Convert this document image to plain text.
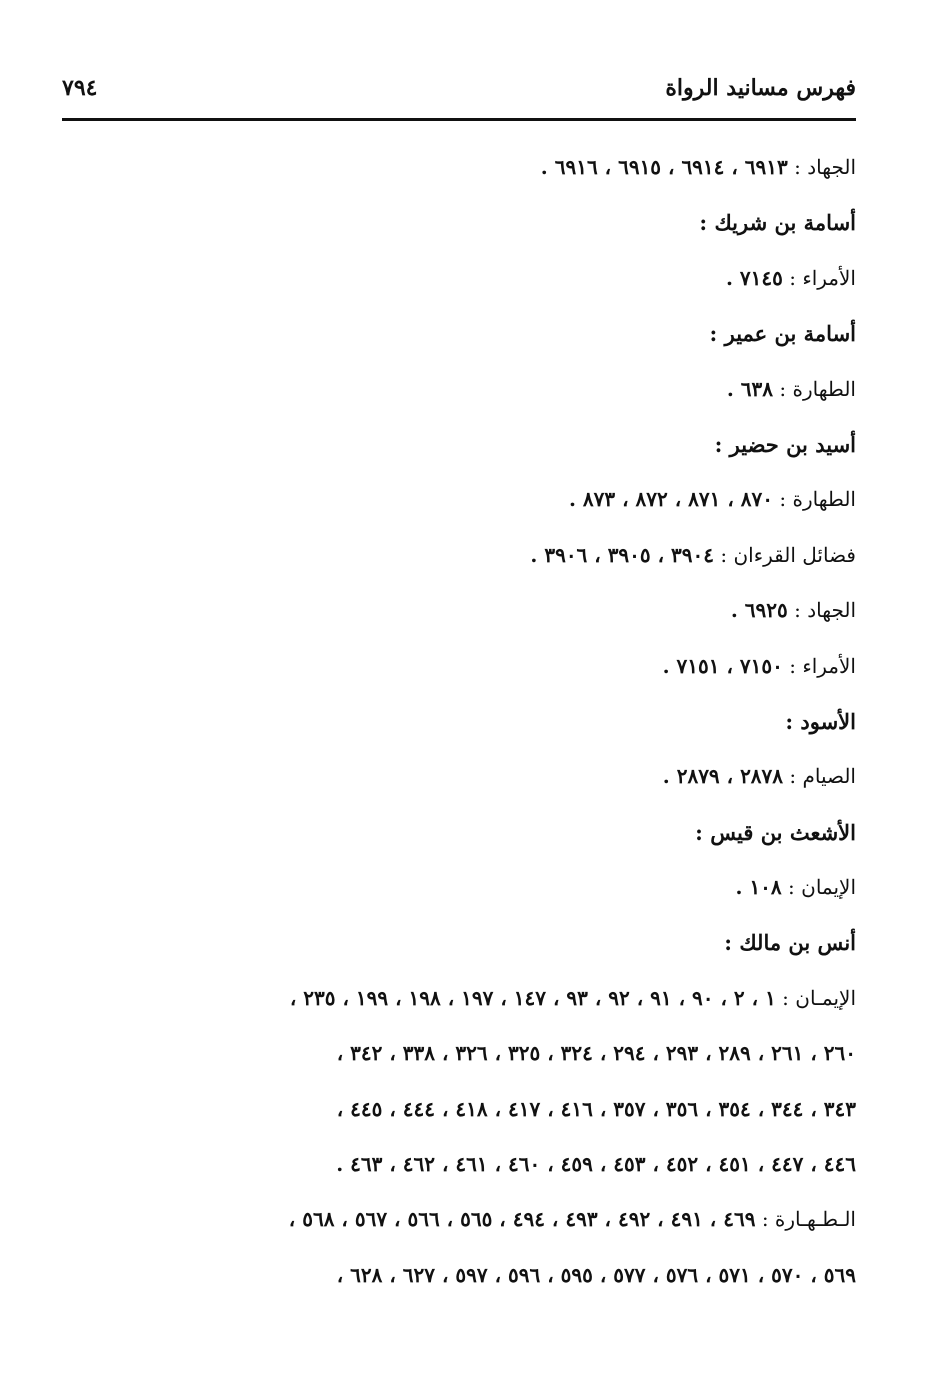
فهرس مسانيد الرواة
٧٩٤
الجهاد : ٦٩١٣ ، ٦٩١٤ ، ٦٩١٥ ، ٦٩١٦ .
أسامة بن شريك :
الأمراء : ٧١٤٥ .
أسامة بن عمير :
الطهارة : ٦٣٨ .
أسيد بن حضير :
الطهارة : ٨٧٠ ، ٨٧١ ، ٨٧٢ ، ٨٧٣ .
فضائل القرءان : ٣٩٠٤ ، ٣٩٠٥ ، ٣٩٠٦ .
الجهاد : ٦٩٢٥ .
الأمراء : ٧١٥٠ ، ٧١٥١ .
الأسود :
الصيام : ٢٨٧٨ ، ٢٨٧٩ .
الأشعث بن قيس :
الإيمان : ١٠٨ .
أنس بن مالك :
الإيمـان : ١ ، ٢ ، ٩٠ ، ٩١ ، ٩٢ ، ٩٣ ، ١٤٧ ، ١٩٧ ، ١٩٨ ، ١٩٩ ، ٢٣٥ ،
٢٦٠ ، ٢٦١ ، ٢٨٩ ، ٢٩٣ ، ٢٩٤ ، ٣٢٤ ، ٣٢٥ ، ٣٢٦ ، ٣٣٨ ، ٣٤٢ ،
٣٤٣ ، ٣٤٤ ، ٣٥٤ ، ٣٥٦ ، ٣٥٧ ، ٤١٦ ، ٤١٧ ، ٤١٨ ، ٤٤٤ ، ٤٤٥ ،
٤٤٦ ، ٤٤٧ ، ٤٥١ ، ٤٥٢ ، ٤٥٣ ، ٤٥٩ ، ٤٦٠ ، ٤٦١ ، ٤٦٢ ، ٤٦٣ .
الـطـهـارة : ٤٦٩ ، ٤٩١ ، ٤٩٢ ، ٤٩٣ ، ٤٩٤ ، ٥٦٥ ، ٥٦٦ ، ٥٦٧ ، ٥٦٨ ،
٥٦٩ ، ٥٧٠ ، ٥٧١ ، ٥٧٦ ، ٥٧٧ ، ٥٩٥ ، ٥٩٦ ، ٥٩٧ ، ٦٢٧ ، ٦٢٨ ،
